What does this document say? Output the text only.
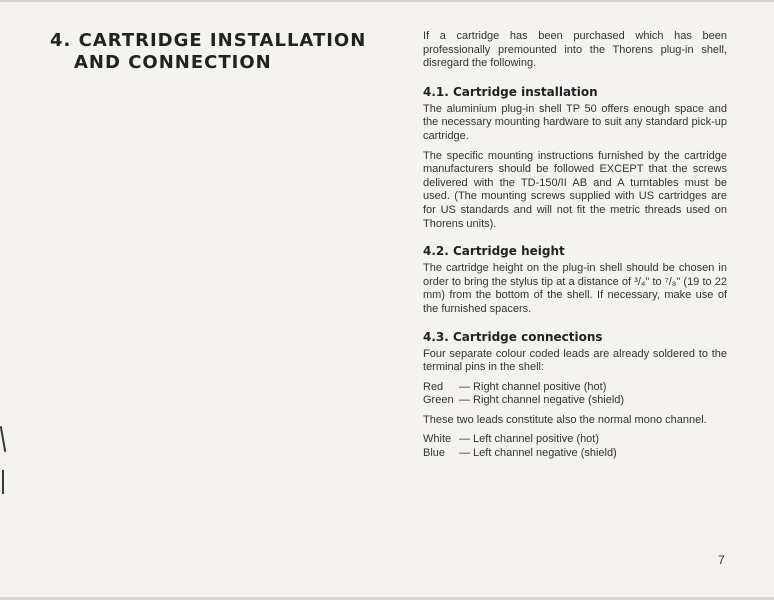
4. CARTRIDGE INSTALLATION
AND CONNECTION

If a cartridge has been purchased which has been professionally premounted into the Thorens plug-in shell, disregard the following.

4.1. Cartridge installation

The aluminium plug-in shell TP 50 offers enough space and the necessary mounting hardware to suit any standard pick-up cartridge.

The specific mounting instructions furnished by the cartridge manufacturers should be followed EXCEPT that the screws delivered with the TD-150/II AB and A turntables must be used. (The mounting screws supplied with US cartridges are for US standards and will not fit the metric threads used on Thorens units).

4.2. Cartridge height

The cartridge height on the plug-in shell should be chosen in order to bring the stylus tip at a distance of ³/₄" to ⁷/₈" (19 to 22 mm) from the bottom of the shell. If necessary, make use of the furnished spacers.

4.3. Cartridge connections

Four separate colour coded leads are already soldered to the terminal pins in the shell:

Red	— Right channel positive (hot)
Green — Right channel negative (shield)

These two leads constitute also the normal mono channel.

White — Left channel positive (hot)
Blue	— Left channel negative (shield)
7
